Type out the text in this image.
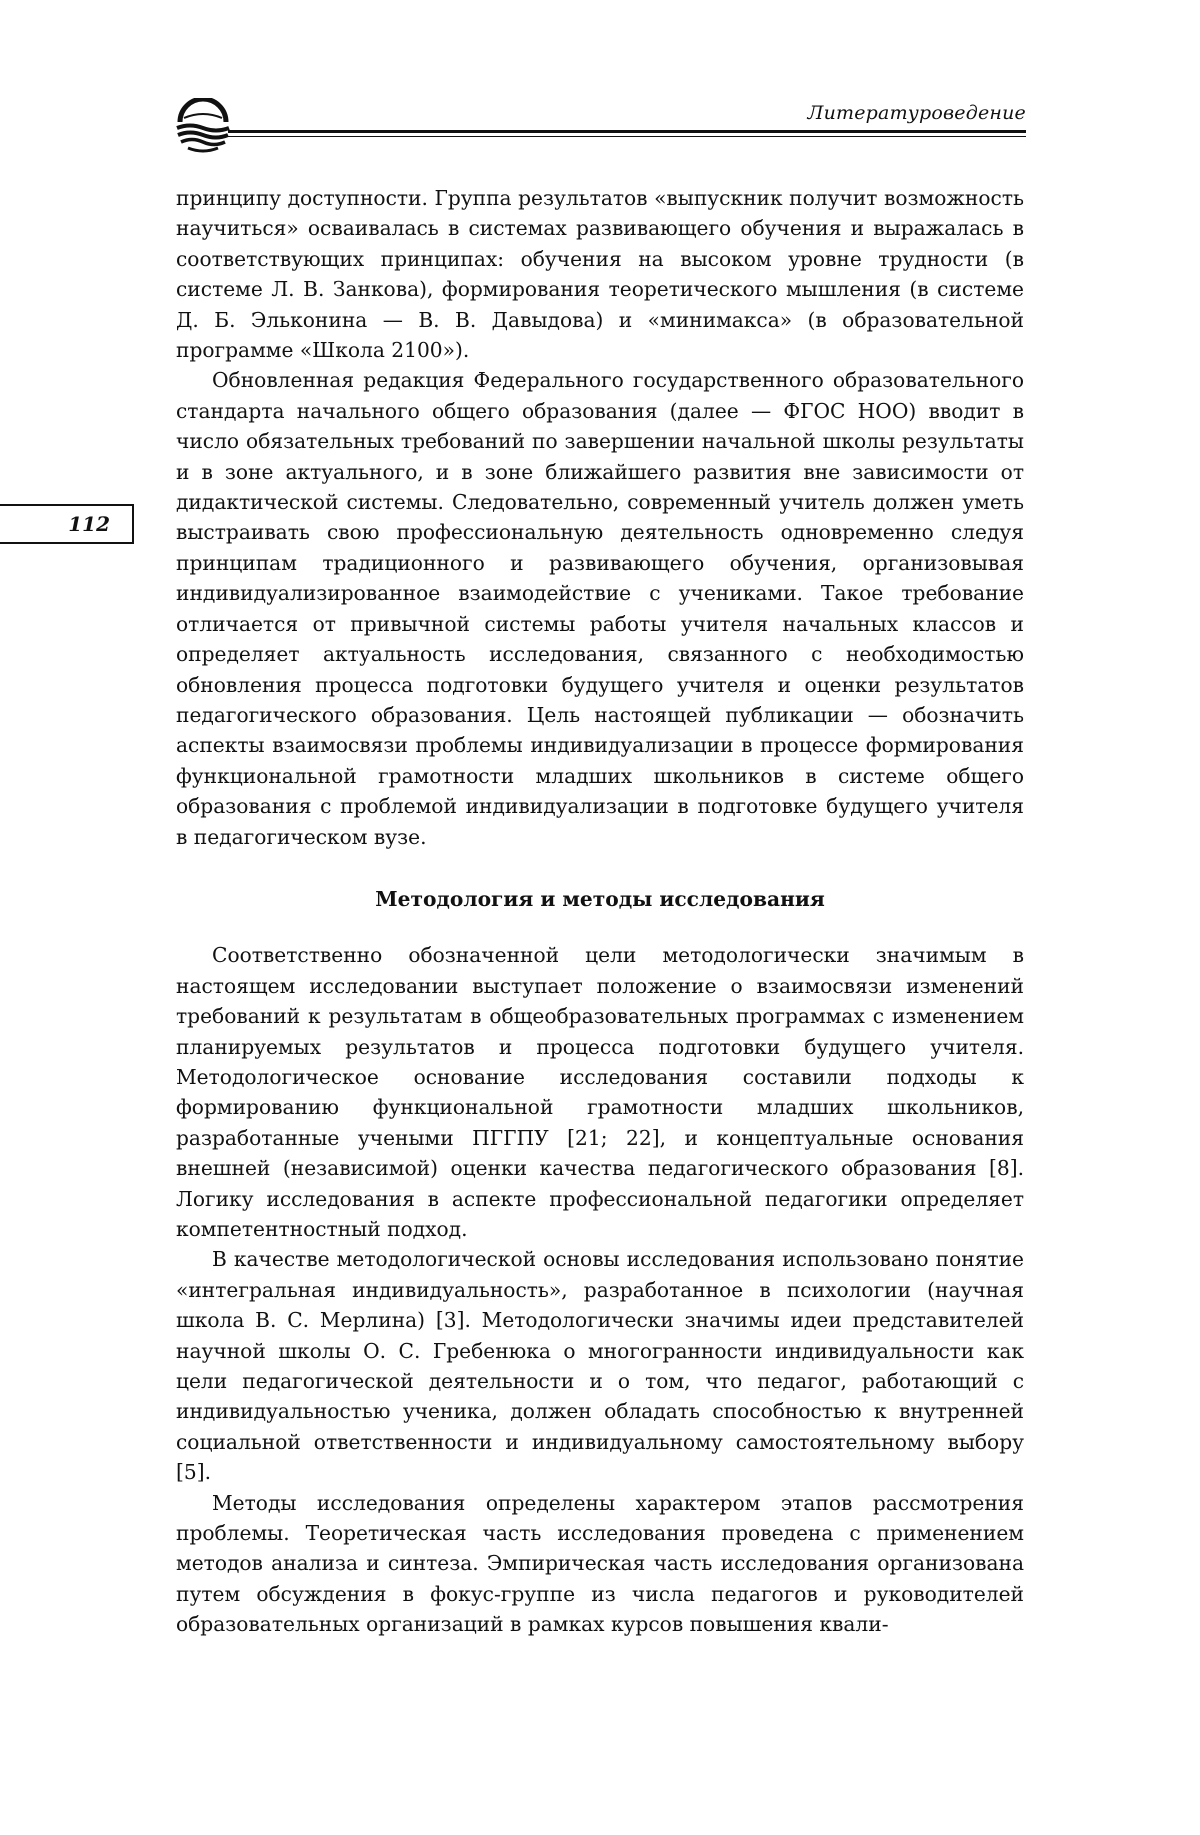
Литературоведение
112

принципу доступности. Группа результатов «выпускник получит возможность научиться» осваивалась в системах развивающего обучения и выражалась в соответствующих принципах: обучения на высоком уровне трудности (в системе Л. В. Занкова), формирования теоретического мышления (в системе Д. Б. Эльконина — В. В. Давыдова) и «минимакса» (в образовательной программе «Школа 2100»).

Обновленная редакция Федерального государственного образовательного стандарта начального общего образования (далее — ФГОС НОО) вводит в число обязательных требований по завершении начальной школы результаты и в зоне актуального, и в зоне ближайшего развития вне зависимости от дидактической системы. Следовательно, современный учитель должен уметь выстраивать свою профессиональную деятельность одновременно следуя принципам традиционного и развивающего обучения, организовывая индивидуализированное взаимодействие с учениками. Такое требование отличается от привычной системы работы учителя начальных классов и определяет актуальность исследования, связанного с необходимостью обновления процесса подготовки будущего учителя и оценки результатов педагогического образования. Цель настоящей публикации — обозначить аспекты взаимосвязи проблемы индивидуализации в процессе формирования функциональной грамотности младших школьников в системе общего образования с проблемой индивидуализации в подготовке будущего учителя в педагогическом вузе.

Методология и методы исследования

Соответственно обозначенной цели методологически значимым в настоящем исследовании выступает положение о взаимосвязи изменений требований к результатам в общеобразовательных программах с изменением планируемых результатов и процесса подготовки будущего учителя. Методологическое основание исследования составили подходы к формированию функциональной грамотности младших школьников, разработанные учеными ПГГПУ [21; 22], и концептуальные основания внешней (независимой) оценки качества педагогического образования [8]. Логику исследования в аспекте профессиональной педагогики определяет компетентностный подход.

В качестве методологической основы исследования использовано понятие «интегральная индивидуальность», разработанное в психологии (научная школа В. С. Мерлина) [3]. Методологически значимы идеи представителей научной школы О. С. Гребенюка о многогранности индивидуальности как цели педагогической деятельности и о том, что педагог, работающий с индивидуальностью ученика, должен обладать способностью к внутренней социальной ответственности и индивидуальному самостоятельному выбору [5].

Методы исследования определены характером этапов рассмотрения проблемы. Теоретическая часть исследования проведена с применением методов анализа и синтеза. Эмпирическая часть исследования организована путем обсуждения в фокус-группе из числа педагогов и руководителей образовательных организаций в рамках курсов повышения квали-
